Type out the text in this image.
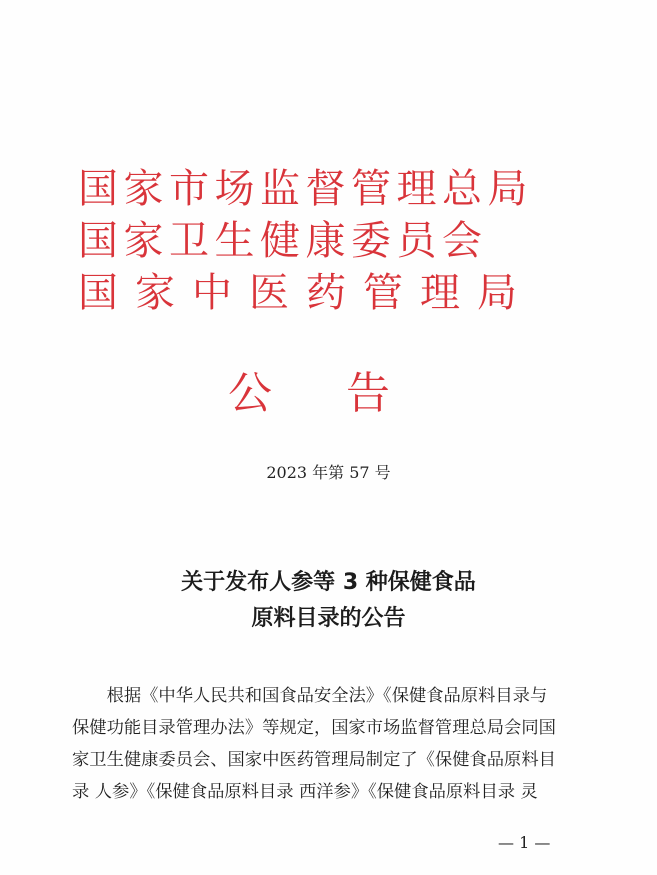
国家市场监督管理总局
国家卫生健康委员会
国家中医药管理局
公告
2023 年第 57 号
关于发布人参等 3 种保健食品
原料目录的公告
　　根据《中华人民共和国食品安全法》《保健食品原料目录与
保健功能目录管理办法》等规定，国家市场监督管理总局会同国
家卫生健康委员会、国家中医药管理局制定了《保健食品原料目
录 人参》《保健食品原料目录 西洋参》《保健食品原料目录 灵
— 1 —
